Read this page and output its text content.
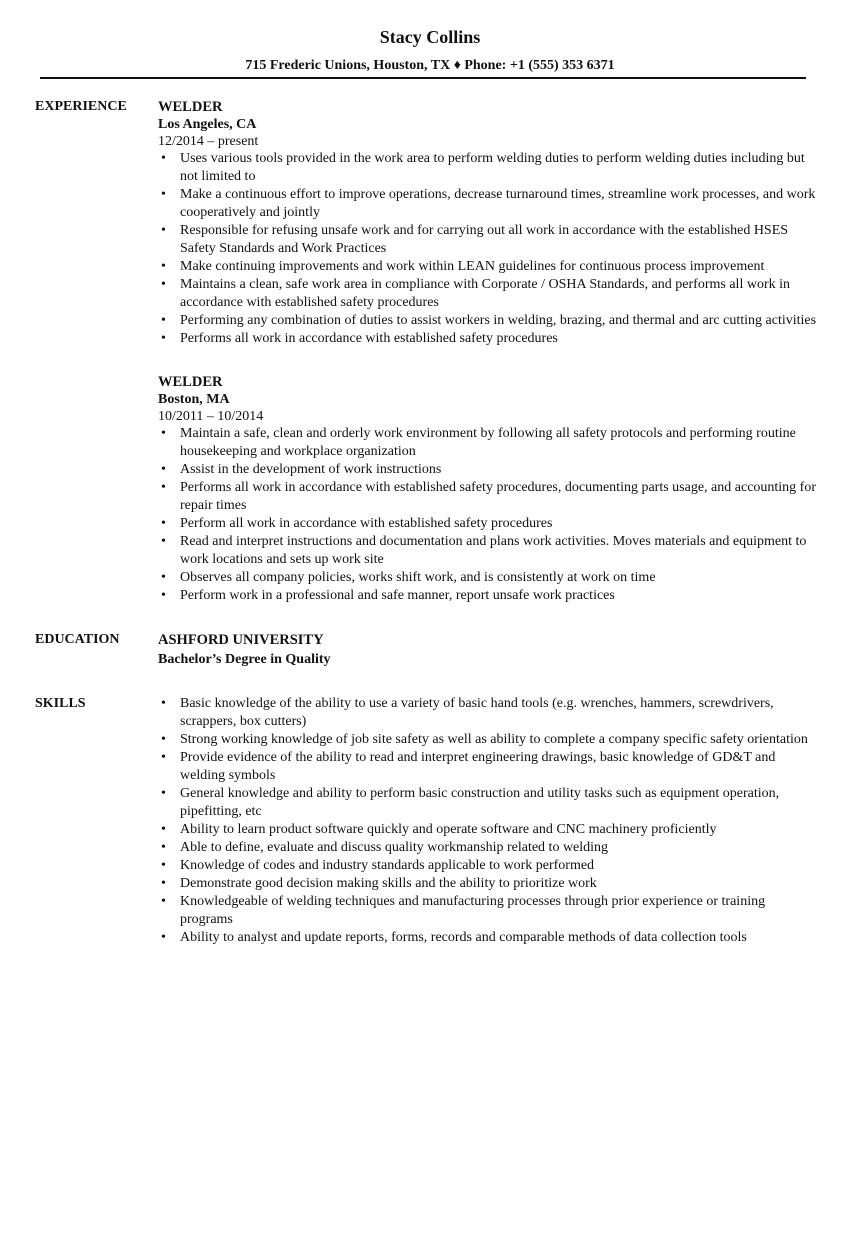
Stacy Collins
715 Frederic Unions, Houston, TX ♦ Phone: +1 (555) 353 6371
EXPERIENCE	WELDER
Los Angeles, CA
12/2014 – present
• Uses various tools provided in the work area to perform welding duties to perform welding duties including but not limited to
• Make a continuous effort to improve operations, decrease turnaround times, streamline work processes, and work cooperatively and jointly
• Responsible for refusing unsafe work and for carrying out all work in accordance with the established HSES Safety Standards and Work Practices
• Make continuing improvements and work within LEAN guidelines for continuous process improvement
• Maintains a clean, safe work area in compliance with Corporate / OSHA Standards, and performs all work in accordance with established safety procedures
• Performing any combination of duties to assist workers in welding, brazing, and thermal and arc cutting activities
• Performs all work in accordance with established safety procedures
WELDER
Boston, MA
10/2011 – 10/2014
• Maintain a safe, clean and orderly work environment by following all safety protocols and performing routine housekeeping and workplace organization
• Assist in the development of work instructions
• Performs all work in accordance with established safety procedures, documenting parts usage, and accounting for repair times
• Perform all work in accordance with established safety procedures
• Read and interpret instructions and documentation and plans work activities. Moves materials and equipment to work locations and sets up work site
• Observes all company policies, works shift work, and is consistently at work on time
• Perform work in a professional and safe manner, report unsafe work practices
EDUCATION	ASHFORD UNIVERSITY
Bachelor’s Degree in Quality
SKILLS	• Basic knowledge of the ability to use a variety of basic hand tools (e.g. wrenches, hammers, screwdrivers, scrappers, box cutters)
• Strong working knowledge of job site safety as well as ability to complete a company specific safety orientation
• Provide evidence of the ability to read and interpret engineering drawings, basic knowledge of GD&T and welding symbols
• General knowledge and ability to perform basic construction and utility tasks such as equipment operation, pipefitting, etc
• Ability to learn product software quickly and operate software and CNC machinery proficiently
• Able to define, evaluate and discuss quality workmanship related to welding
• Knowledge of codes and industry standards applicable to work performed
• Demonstrate good decision making skills and the ability to prioritize work
• Knowledgeable of welding techniques and manufacturing processes through prior experience or training programs
• Ability to analyst and update reports, forms, records and comparable methods of data collection tools
